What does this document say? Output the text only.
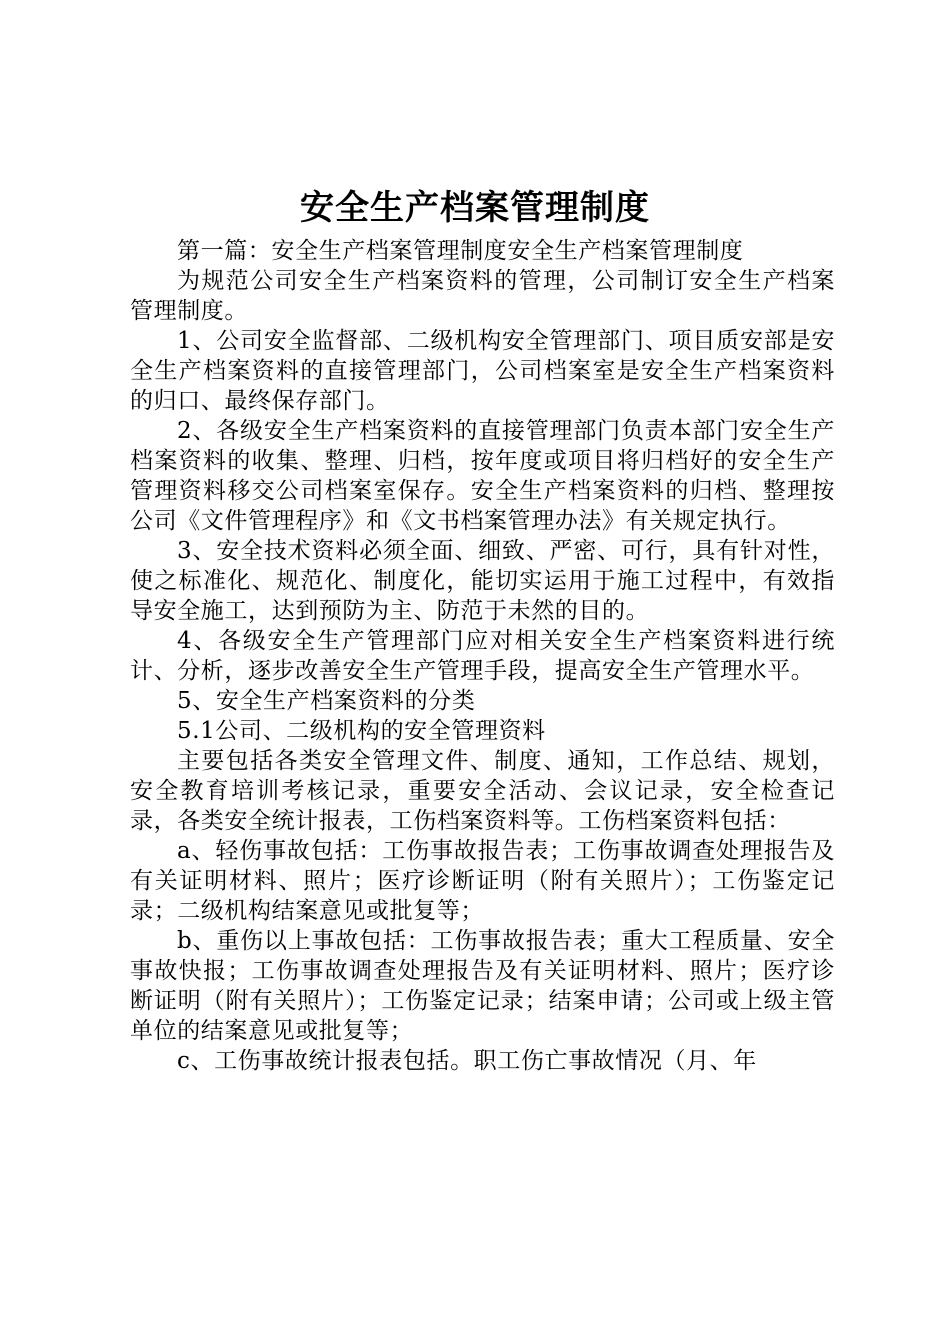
安全生产档案管理制度

第一篇：安全生产档案管理制度安全生产档案管理制度

为规范公司安全生产档案资料的管理，公司制订安全生产档案管理制度。

1、公司安全监督部、二级机构安全管理部门、项目质安部是安全生产档案资料的直接管理部门，公司档案室是安全生产档案资料的归口、最终保存部门。

2、各级安全生产档案资料的直接管理部门负责本部门安全生产档案资料的收集、整理、归档，按年度或项目将归档好的安全生产管理资料移交公司档案室保存。安全生产档案资料的归档、整理按公司《文件管理程序》和《文书档案管理办法》有关规定执行。

3、安全技术资料必须全面、细致、严密、可行，具有针对性，使之标准化、规范化、制度化，能切实运用于施工过程中，有效指导安全施工，达到预防为主、防范于未然的目的。

4、各级安全生产管理部门应对相关安全生产档案资料进行统计、分析，逐步改善安全生产管理手段，提高安全生产管理水平。

5、安全生产档案资料的分类

5.1公司、二级机构的安全管理资料

主要包括各类安全管理文件、制度、通知，工作总结、规划，安全教育培训考核记录，重要安全活动、会议记录，安全检查记录，各类安全统计报表，工伤档案资料等。工伤档案资料包括：

a、轻伤事故包括：工伤事故报告表；工伤事故调查处理报告及有关证明材料、照片；医疗诊断证明（附有关照片）；工伤鉴定记录；二级机构结案意见或批复等；

b、重伤以上事故包括：工伤事故报告表；重大工程质量、安全事故快报；工伤事故调查处理报告及有关证明材料、照片；医疗诊断证明（附有关照片）；工伤鉴定记录；结案申请；公司或上级主管单位的结案意见或批复等；

c、工伤事故统计报表包括。职工伤亡事故情况（月、年
